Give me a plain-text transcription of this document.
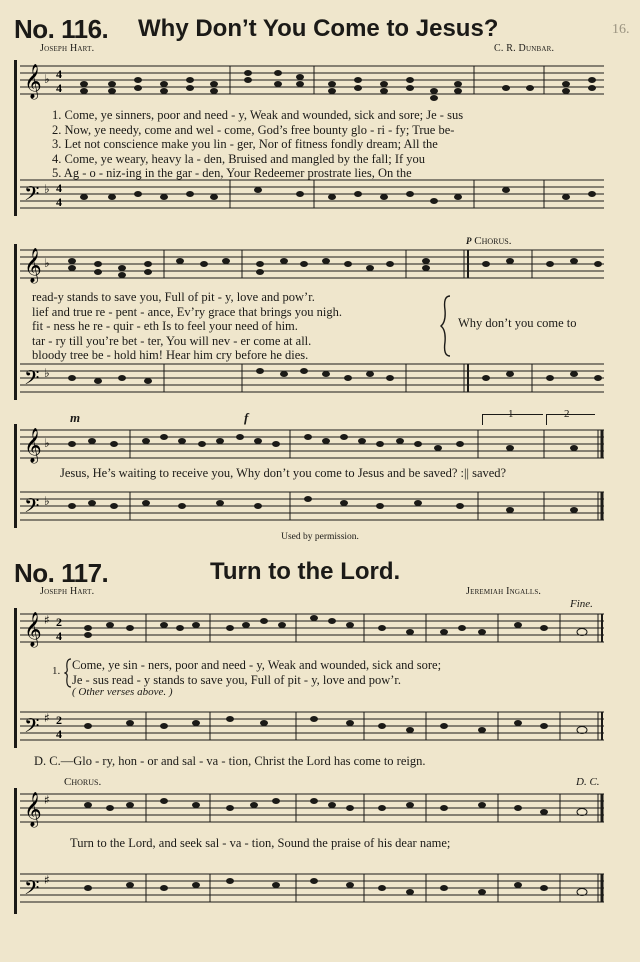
16.
No. 116. Why Don’t You Come to Jesus?
Joseph Hart.	C. R. Dunbar.
𝄞
𝄢
♭
♭
4
4
4
4
1. Come, ye sinners, poor and need - y, Weak and wounded, sick and sore; Je - sus
2. Now, ye needy, come and wel - come, God’s free bounty glo - ri - fy; True be-
3. Let not conscience make you lin - ger, Nor of fitness fondly dream; All the
4. Come, ye weary, heavy la - den, Bruised and mangled by the fall; If you
5. Ag - o - niz-ing in the gar - den, Your Redeemer prostrate lies, On the
p Chorus.
𝄞
𝄢
♭
♭
read-y stands to save you, Full of pit - y, love and pow’r.
lief and true re - pent - ance, Ev’ry grace that brings you nigh.
fit - ness he re - quir - eth Is to feel your need of him.
tar - ry till you’re bet - ter, You will nev - er come at all.
bloody tree be - hold him! Hear him cry before he dies.
Why don’t you come to
m	f	1	2
𝄞
𝄢
♭
♭
Jesus, He’s waiting to receive you, Why don’t you come to Jesus and be saved? :|| saved?
Used by permission.
No. 117.	Turn to the Lord.
Joseph Hart.	Jeremiah Ingalls.
Fine.
𝄞
𝄢
♯
♯
2
4
2
4
1. Come, ye sin - ners, poor and need - y, Weak and wounded, sick and sore;
Je - sus read - y stands to save you, Full of pit - y, love and pow’r.
( Other verses above. )
D. C.—Glo - ry, hon - or and sal - va - tion, Christ the Lord has come to reign.
Chorus.	D. C.
𝄞
𝄢
♯
♯
Turn to the Lord, and seek sal - va - tion, Sound the praise of his dear name;
